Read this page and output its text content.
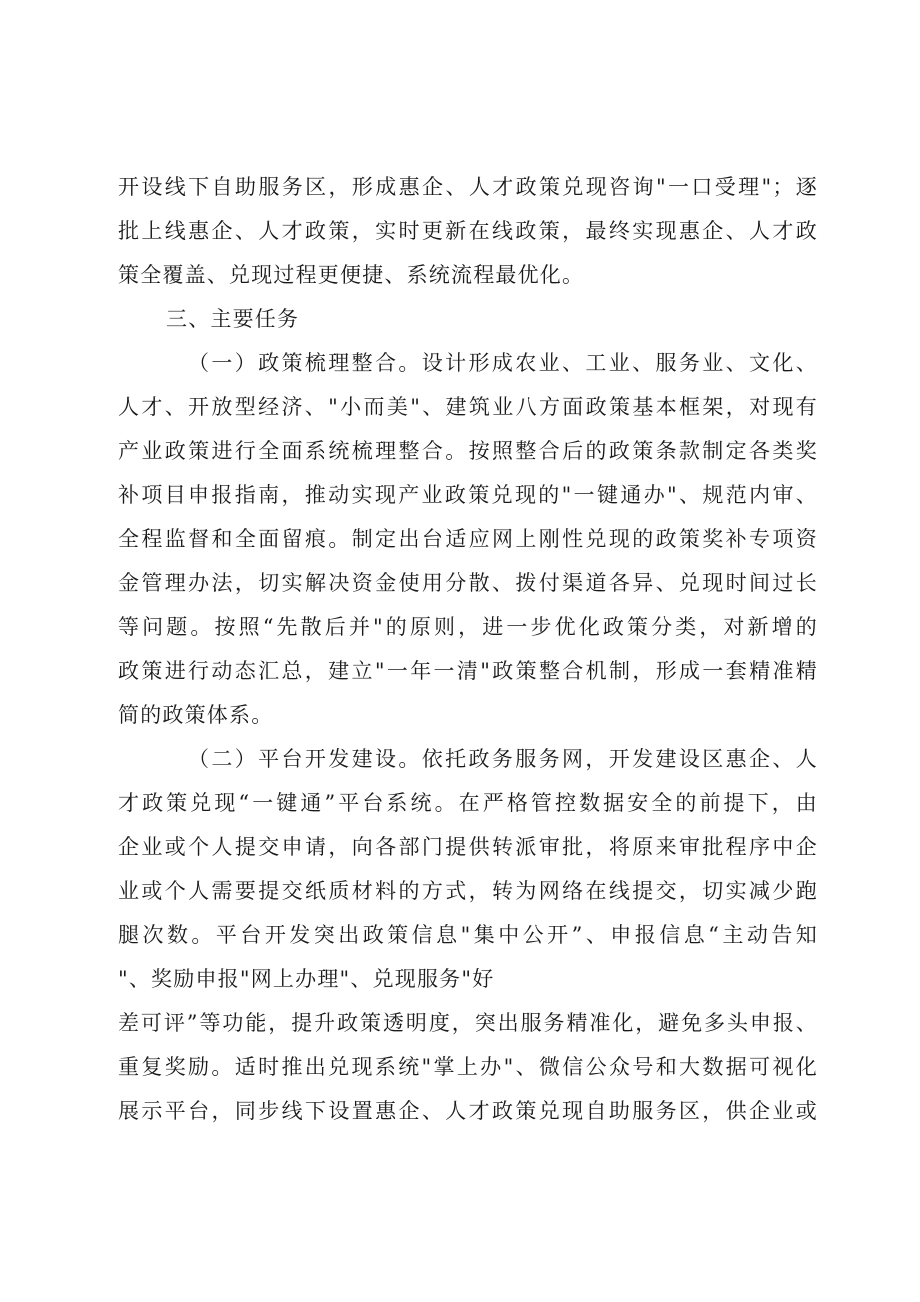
开设线下自助服务区，形成惠企、人才政策兑现咨询"一口受理"；逐
批上线惠企、人才政策，实时更新在线政策，最终实现惠企、人才政
策全覆盖、兑现过程更便捷、系统流程最优化。
三、主要任务
（一）政策梳理整合。设计形成农业、工业、服务业、文化、
人才、开放型经济、"小而美"、建筑业八方面政策基本框架，对现有
产业政策进行全面系统梳理整合。按照整合后的政策条款制定各类奖
补项目申报指南，推动实现产业政策兑现的"一键通办"、规范内审、
全程监督和全面留痕。制定出台适应网上刚性兑现的政策奖补专项资
金管理办法，切实解决资金使用分散、拨付渠道各异、兑现时间过长
等问题。按照“先散后并"的原则，进一步优化政策分类，对新增的
政策进行动态汇总，建立"一年一清"政策整合机制，形成一套精准精
简的政策体系。
（二）平台开发建设。依托政务服务网，开发建设区惠企、人
才政策兑现“一键通”平台系统。在严格管控数据安全的前提下，由
企业或个人提交申请，向各部门提供转派审批，将原来审批程序中企
业或个人需要提交纸质材料的方式，转为网络在线提交，切实减少跑
腿次数。平台开发突出政策信息"集中公开”、申报信息“主动告知
"、奖励申报"网上办理"、兑现服务"好
差可评”等功能，提升政策透明度，突出服务精准化，避免多头申报、
重复奖励。适时推出兑现系统"掌上办"、微信公众号和大数据可视化
展示平台，同步线下设置惠企、人才政策兑现自助服务区，供企业或
